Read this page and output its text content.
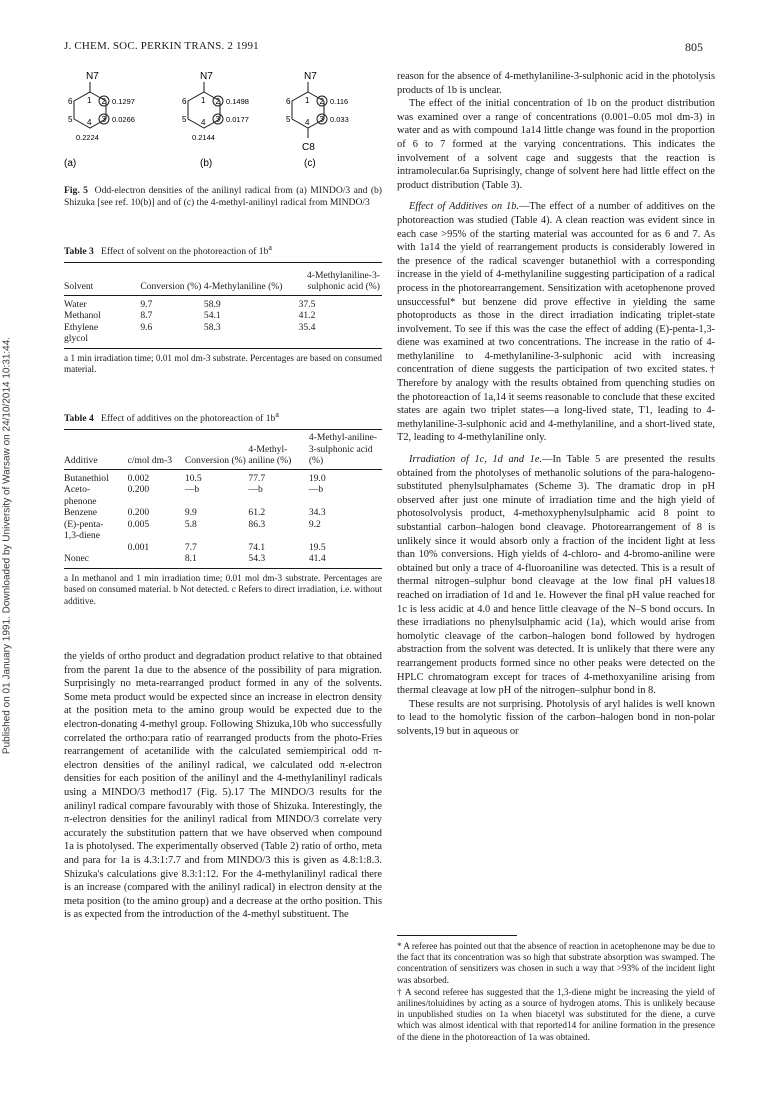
J. CHEM. SOC. PERKIN TRANS. 2 1991	805
Published on 01 January 1991. Downloaded by University of Warsaw on 24/10/2014 10:31:44.
N7
1 2
3
4
5
6	0.1297
0.0266
0.2224
(a)
N7
1 2
3
4
5
6	0.1498
0.0177
0.2144
(b)
N7
1 2
3
4
5
6	0.116
0.033
C8
(c)
Fig. 5 Odd-electron densities of the anilinyl radical from (a) MINDO/3 and (b) Shizuka [see ref. 10(b)] and of (c) the 4-methyl-anilinyl radical from MINDO/3
Table 3 Effect of solvent on the photoreaction of $1b^a$
Solvent	Conversion (%)	4-Methylaniline (%)	4-Methylaniline-3-sulphonic acid (%)
Water	9.7	58.9	37.5
Methanol	8.7	54.1	41.2
Ethylene glycol	9.6	58.3	35.4
a 1 min irradiation time; 0.01 mol dm-3 substrate. Percentages are based on consumed material.
Table 4 Effect of additives on the photoreaction of $1b^a$
Additive	c/mol dm-3	Conversion (%)	4-Methyl-aniline (%)	4-Methyl-aniline-3-sulphonic acid (%)
Butanethiol	0.002	10.5	77.7	19.0
Aceto-phenone	0.200	—b	—b	—b
Benzene	0.200	9.9	61.2	34.3
(E)-penta-1,3-diene	0.005	5.8	86.3	9.2
	0.001	7.7	74.1	19.5
Nonec		8.1	54.3	41.4
a In methanol and 1 min irradiation time; 0.01 mol dm-3 substrate. Percentages are based on consumed material. b Not detected. c Refers to direct irradiation, i.e. without additive.

the yields of ortho product and degradation product relative to that obtained from the parent 1a due to the absence of the possibility of para migration. Surprisingly no meta-rearranged product formed in any of the solvents. Some meta product would be expected since an increase in electron density at the position meta to the amino group would be expected due to the electron-donating 4-methyl group. Following Shizuka,10b who successfully correlated the ortho:para ratio of rearranged products from the photo-Fries rearrangement of acetanilide with the calculated semiempirical odd π-electron densities of the anilinyl radical, we calculated odd π-electron densities for each position of the anilinyl and the 4-methylanilinyl radicals using a MINDO/3 method17 (Fig. 5).17 The MINDO/3 results for the anilinyl radical compare favourably with those of Shizuka. Interestingly, the π-electron densities for the anilinyl radical from MINDO/3 correlate very accurately the substitution pattern that we have observed when compound 1a is photolysed. The experimentally observed (Table 2) ratio of ortho, meta and para for 1a is 4.3:1:7.7 and from MINDO/3 this is given as 4.8:1:8.3. Shizuka's calculations give 8.3:1:12. For the 4-methylanilinyl radical there is an increase (compared with the anilinyl radical) in electron density at the meta position (to the amino group) and a decrease at the ortho position. This is as expected from the introduction of the 4-methyl substituent. The

reason for the absence of 4-methylaniline-3-sulphonic acid in the photolysis products of 1b is unclear.

The effect of the initial concentration of 1b on the product distribution was examined over a range of concentrations (0.001–0.05 mol dm-3) in water and as with compound 1a14 little change was found in the proportion of 6 to 7 formed at the varying concentrations. This indicates the involvement of a solvent cage and suggests that the reaction is intramolecular.6a Suprisingly, change of solvent here had little effect on the product distribution (Table 3).

Effect of Additives on 1b.—The effect of a number of additives on the photoreaction was studied (Table 4). A clean reaction was evident since in each case >95% of the starting material was accounted for as 6 and 7. As with 1a14 the yield of rearrangement products is considerably lowered in the presence of the radical scavenger butanethiol with a corresponding increase in the yield of 4-methylaniline suggesting participation of a radical process in the photorearrangement. Sensitization with acetophenone proved unsuccessful* but benzene did prove effective in yielding the same photoproducts as those in the direct irradiation indicating triplet-state involvement. To see if this was the case the effect of adding (E)-penta-1,3-diene was examined at two concentrations. The increase in the ratio of 4-methylaniline to 4-methylaniline-3-sulphonic acid with increasing concentration of diene suggests the participation of two excited states.† Therefore by analogy with the results obtained from quenching studies on the photoreaction of 1a,14 it seems reasonable to conclude that these excited states are again two triplet states—a long-lived state, T1, leading to 4-methylaniline-3-sulphonic acid and 4-methylaniline, and a short-lived state, T2, leading to 4-methylaniline only.

Irradiation of 1c, 1d and 1e.—In Table 5 are presented the results obtained from the photolyses of methanolic solutions of the para-halogeno-substituted phenylsulphamates (Scheme 3). The dramatic drop in pH observed after just one minute of irradiation time and the high yield of photosolvolysis product, 4-methoxyphenylsulphamic acid 8 point to substantial carbon–halogen bond cleavage. Photorearrangement of 8 is unlikely since it would absorb only a fraction of the incident light at less than 10% conversions. High yields of 4-chloro- and 4-bromo-aniline were obtained but only a trace of 4-fluoroaniline was detected. This is a result of thermal nitrogen–sulphur bond cleavage at the low final pH values18 reached on irradiation of 1d and 1e. However the final pH value reached for 1c is less acidic at 4.0 and hence little cleavage of the N–S bond occurs. In these irradiations no phenylsulphamic acid (1a), which would arise from homolytic cleavage of the carbon–halogen bond followed by hydrogen abstraction from the solvent was detected. It is unlikely that there were any rearrangement products formed since no other peaks were detected on the HPLC chromatogram except for traces of 4-methoxyaniline arising from thermal cleavage at low pH of the nitrogen–sulphur bond in 8.

These results are not surprising. Photolysis of aryl halides is well known to lead to the homolytic fission of the carbon–halogen bond in non-polar solvents,19 but in aqueous or

* A referee has pointed out that the absence of reaction in acetophenone may be due to the fact that its concentration was so high that substrate absorption was swamped. The concentration of sensitizers was chosen in such a way that >93% of the incident light was absorbed.
† A second referee has suggested that the 1,3-diene might be increasing the yield of anilines/toluidines by acting as a source of hydrogen atoms. This is unlikely because in unpublished studies on 1a when biacetyl was substituted for the diene, a curve which was almost identical with that reported14 for aniline formation in the presence of the diene in the photoreaction of 1a was obtained.
